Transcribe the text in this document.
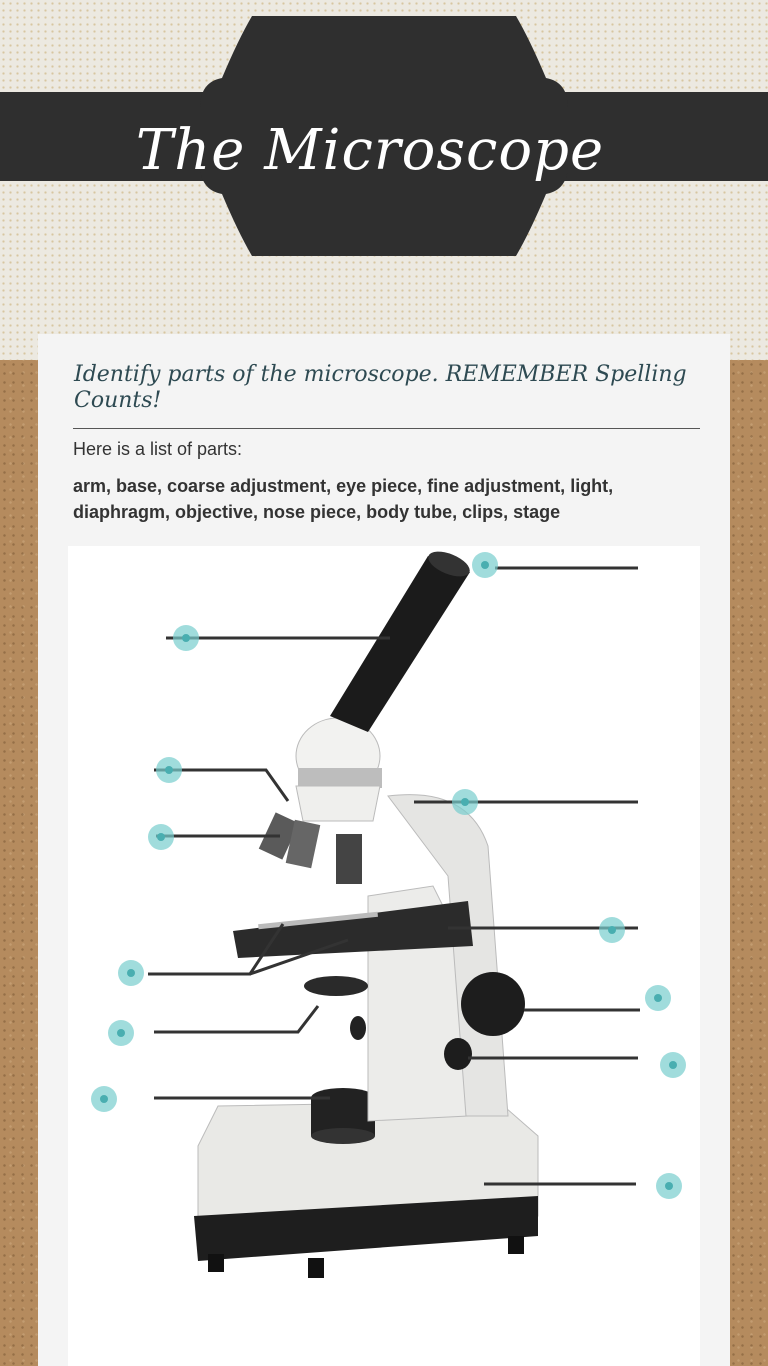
The Microscope
Identify parts of the microscope. REMEMBER Spelling Counts!
Here is a list of parts:
arm, base, coarse adjustment, eye piece, fine adjustment, light, diaphragm, objective, nose piece, body tube, clips, stage
